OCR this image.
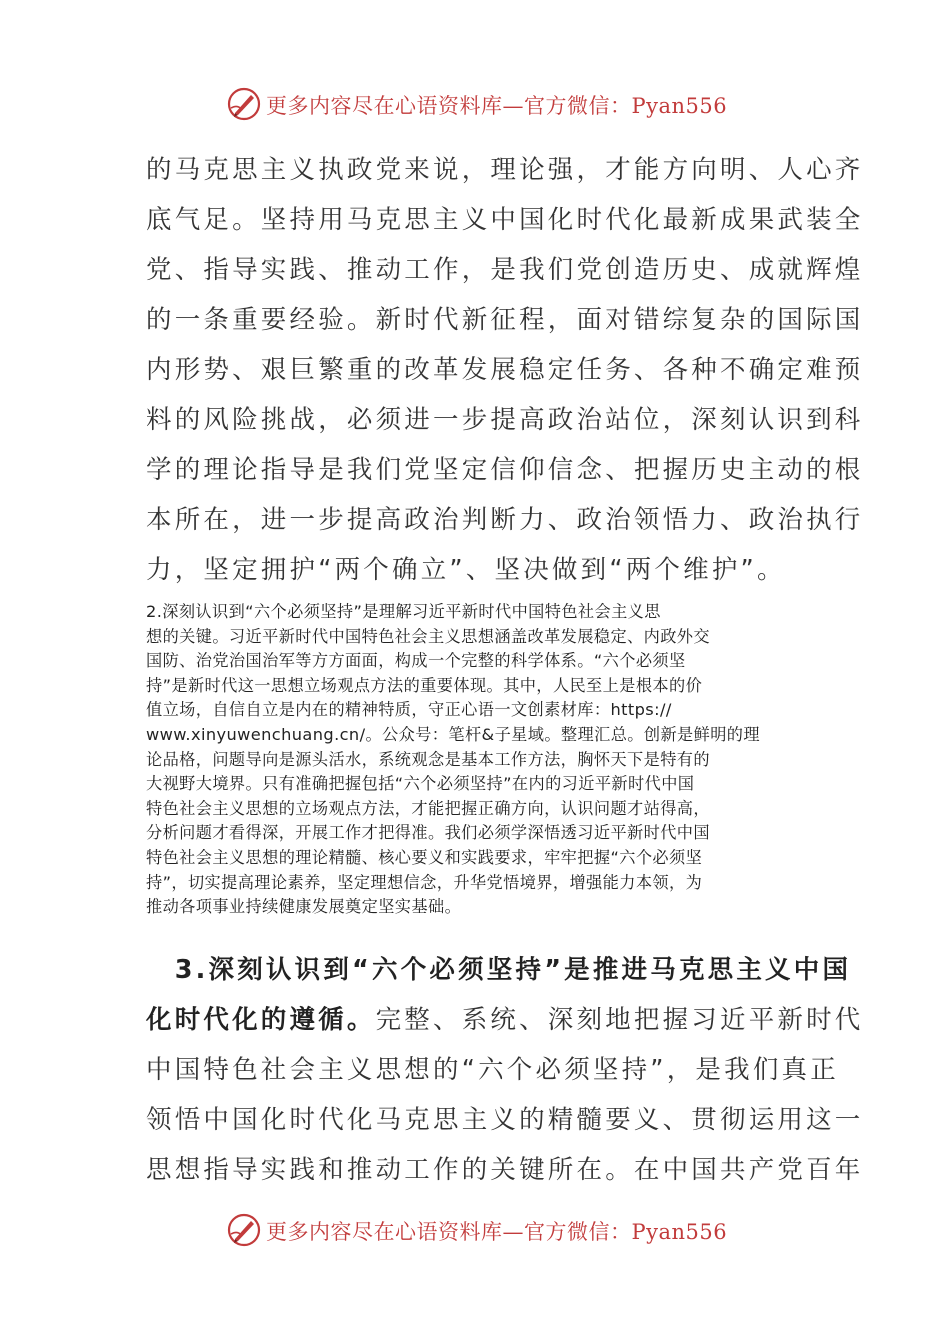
更多内容尽在心语资料库—官方微信：Pyan556
的马克思主义执政党来说，理论强，才能方向明、人心齐
底气足。坚持用马克思主义中国化时代化最新成果武装全
党、指导实践、推动工作，是我们党创造历史、成就辉煌
的一条重要经验。新时代新征程，面对错综复杂的国际国
内形势、艰巨繁重的改革发展稳定任务、各种不确定难预
料的风险挑战，必须进一步提高政治站位，深刻认识到科
学的理论指导是我们党坚定信仰信念、把握历史主动的根
本所在，进一步提高政治判断力、政治领悟力、政治执行
力，坚定拥护“两个确立”、坚决做到“两个维护”。
2.深刻认识到“六个必须坚持”是理解习近平新时代中国特色社会主义思
想的关键。习近平新时代中国特色社会主义思想涵盖改革发展稳定、内政外交
国防、治党治国治军等方方面面，构成一个完整的科学体系。“六个必须坚
持”是新时代这一思想立场观点方法的重要体现。其中，人民至上是根本的价
值立场，自信自立是内在的精神特质，守正心语一文创素材库：https://
www.xinyuwenchuang.cn/。公众号：笔杆&子星域。整理汇总。创新是鲜明的理
论品格，问题导向是源头活水，系统观念是基本工作方法，胸怀天下是特有的
大视野大境界。只有准确把握包括“六个必须坚持”在内的习近平新时代中国
特色社会主义思想的立场观点方法，才能把握正确方向，认识问题才站得高，
分析问题才看得深，开展工作才把得准。我们必须学深悟透习近平新时代中国
特色社会主义思想的理论精髓、核心要义和实践要求，牢牢把握“六个必须坚
持”，切实提高理论素养，坚定理想信念，升华党悟境界，增强能力本领，为
推动各项事业持续健康发展奠定坚实基础。
　3.深刻认识到“六个必须坚持”是推进马克思主义中国
化时代化的遵循。完整、系统、深刻地把握习近平新时代
中国特色社会主义思想的“六个必须坚持”，是我们真正
领悟中国化时代化马克思主义的精髓要义、贯彻运用这一
思想指导实践和推动工作的关键所在。在中国共产党百年
更多内容尽在心语资料库—官方微信：Pyan556
